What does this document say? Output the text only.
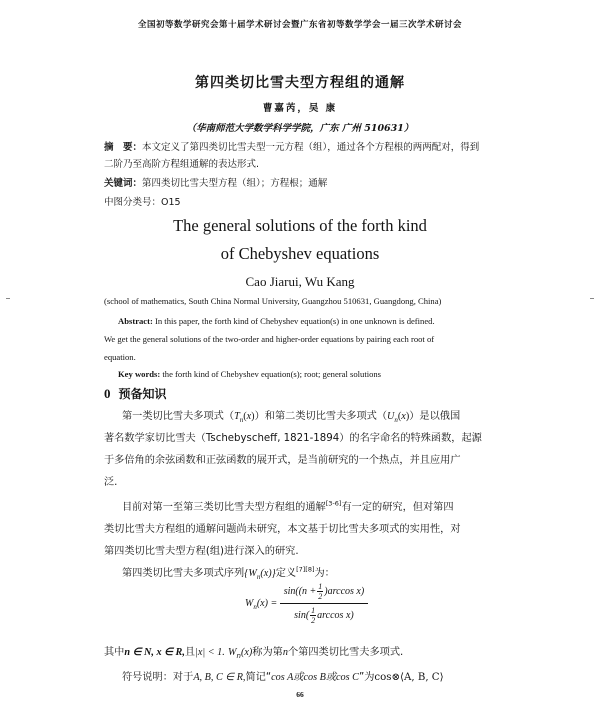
全国初等数学研究会第十届学术研讨会暨广东省初等数学学会一届三次学术研讨会
第四类切比雪夫型方程组的通解
曹嘉芮，吴 康
（华南师范大学数学科学学院，广东 广州 510631）

摘　要：本文定义了第四类切比雪夫型一元方程（组），通过各个方程根的两两配对，得到

二阶乃至高阶方程组通解的表达形式.

关键词：第四类切比雪夫型方程（组）；方程根；通解

中图分类号：O15

The general solutions of the forth kind
of Chebyshev equations
Cao Jiarui, Wu Kang

(school of mathematics, South China Normal University, Guangzhou 510631, Guangdong, China)

Abstract: In this paper, the forth kind of Chebyshev equation(s) in one unknown is defined.

We get the general solutions of the two-order and higher-order equations by pairing each root of

equation.

Key words: the forth kind of Chebyshev equation(s); root; general solutions

0 预备知识

第一类切比雪夫多项式$(T_n(x))$和第二类切比雪夫多项式$(U_n(x))$是以俄国

著名数学家切比雪夫（Tschebyscheff, 1821-1894）的名字命名的特殊函数，起源

于多倍角的余弦函数和正弦函数的展开式，是当前研究的一个热点，并且应用广

泛.

目前对第一至第三类切比雪夫型方程组的通解[3-6]有一定的研究，但对第四

类切比雪夫方程组的通解问题尚未研究，本文基于切比雪夫多项式的实用性，对

第四类切比雪夫型方程(组)进行深入的研究.

第四类切比雪夫多项式序列$\{W_n(x)\}$定义[7][8]为：

$W_n(x) = \frac{\sin((n + \frac{1}{2} )\arccos x)}{\sin( \frac{1}{2} \arccos x)}$

其中n ∈ N, x ∈ R,且|x| < 1. $W_n(x)$称为第n个第四类切比雪夫多项式.

符号说明：对于A, B, C ∈ R,简记“cos A或cos B或cos C”为cos⊗⟨A, B, C⟩

66
